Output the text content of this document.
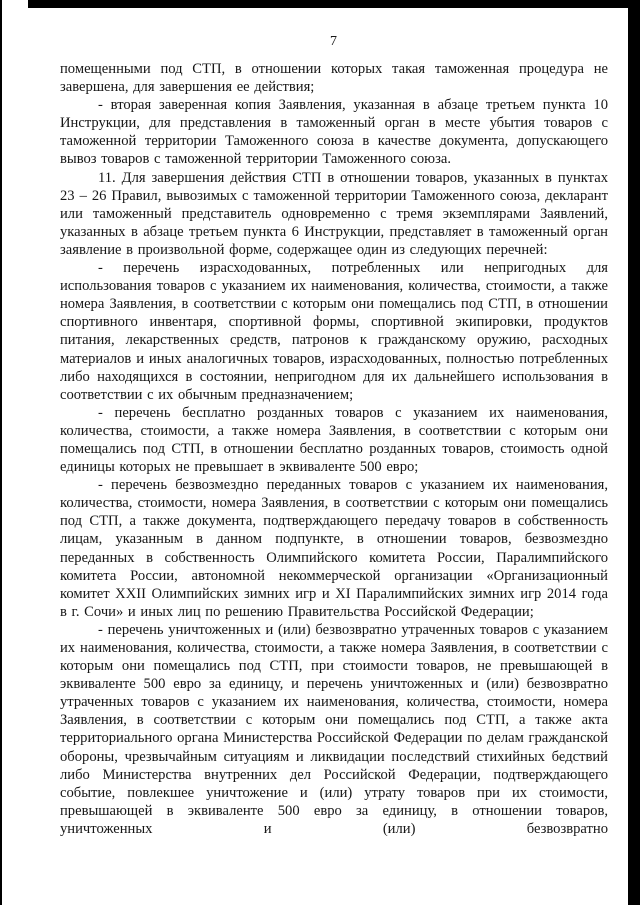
7

помещенными под СТП, в отношении которых такая таможенная процедура не завершена, для завершения ее действия;

- вторая заверенная копия Заявления, указанная в абзаце третьем пункта 10 Инструкции, для представления в таможенный орган в месте убытия товаров с таможенной территории Таможенного союза в качестве документа, допускающего вывоз товаров с таможенной территории Таможенного союза.

11. Для завершения действия СТП в отношении товаров, указанных в пунктах 23 – 26 Правил, вывозимых с таможенной территории Таможенного союза, декларант или таможенный представитель одновременно с тремя экземплярами Заявлений, указанных в абзаце третьем пункта 6 Инструкции, представляет в таможенный орган заявление в произвольной форме, содержащее один из следующих перечней:

- перечень израсходованных, потребленных или непригодных для использования товаров с указанием их наименования, количества, стоимости, а также номера Заявления, в соответствии с которым они помещались под СТП, в отношении спортивного инвентаря, спортивной формы, спортивной экипировки, продуктов питания, лекарственных средств, патронов к гражданскому оружию, расходных материалов и иных аналогичных товаров, израсходованных, полностью потребленных либо находящихся в состоянии, непригодном для их дальнейшего использования в соответствии с их обычным предназначением;

- перечень бесплатно розданных товаров с указанием их наименования, количества, стоимости, а также номера Заявления, в соответствии с которым они помещались под СТП, в отношении бесплатно розданных товаров, стоимость одной единицы которых не превышает в эквиваленте 500 евро;

- перечень безвозмездно переданных товаров с указанием их наименования, количества, стоимости, номера Заявления, в соответствии с которым они помещались под СТП, а также документа, подтверждающего передачу товаров в собственность лицам, указанным в данном подпункте, в отношении товаров, безвозмездно переданных в собственность Олимпийского комитета России, Паралимпийского комитета России, автономной некоммерческой организации «Организационный комитет XXII Олимпийских зимних игр и XI Паралимпийских зимних игр 2014 года в г. Сочи» и иных лиц по решению Правительства Российской Федерации;

- перечень уничтоженных и (или) безвозвратно утраченных товаров с указанием их наименования, количества, стоимости, а также номера Заявления, в соответствии с которым они помещались под СТП, при стоимости товаров, не превышающей в эквиваленте 500 евро за единицу, и перечень уничтоженных и (или) безвозвратно утраченных товаров с указанием их наименования, количества, стоимости, номера Заявления, в соответствии с которым они помещались под СТП, а также акта территориального органа Министерства Российской Федерации по делам гражданской обороны, чрезвычайным ситуациям и ликвидации последствий стихийных бедствий либо Министерства внутренних дел Российской Федерации, подтверждающего событие, повлекшее уничтожение и (или) утрату товаров при их стоимости, превышающей в эквиваленте 500 евро за единицу, в отношении товаров, уничтоженных и (или) безвозвратно
